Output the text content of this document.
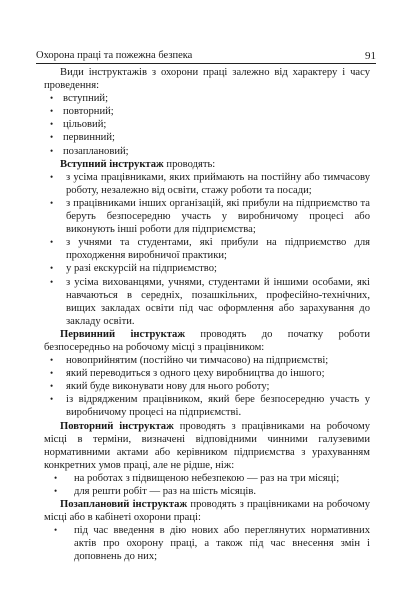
Охорона праці та пожежна безпека	91

Види інструктажів з охорони праці залежно від характеру і часу проведення:

• вступний;
• повторний;
• цільовий;
• первинний;
• позаплановий;

Вступний інструктаж проводять:

• з усіма працівниками, яких приймають на постійну або тимчасову роботу, незалежно від освіти, стажу роботи та посади;
• з працівниками інших організацій, які прибули на підприємство та беруть безпосередню участь у виробничому процесі або виконують інші роботи для підприємства;
• з учнями та студентами, які прибули на підприємство для проходження виробничої практики;
• у разі екскурсій на підприємство;
• з усіма вихованцями, учнями, студентами й іншими особами, які навчаються в середніх, позашкільних, професійно-технічних, вищих закладах освіти під час оформлення або зарахування до закладу освіти.

Первинний інструктаж проводять до початку роботи безпосередньо на робочому місці з працівником:

• новоприйнятим (постійно чи тимчасово) на підприємстві;
• який переводиться з одного цеху виробництва до іншого;
• який буде виконувати нову для нього роботу;
• із відрядженим працівником, який бере безпосередню участь у виробничому процесі на підприємстві.

Повторний інструктаж проводять з працівниками на робочому місці в терміни, визначені відповідними чинними галузевими нормативними актами або керівником підприємства з урахуванням конкретних умов праці, але не рідше, ніж:

• на роботах з підвищеною небезпекою — раз на три місяці;
• для решти робіт — раз на шість місяців.

Позаплановий інструктаж проводять з працівниками на робочому місці або в кабінеті охорони праці:

• під час введення в дію нових або переглянутих нормативних актів про охорону праці, а також під час внесення змін і доповнень до них;
